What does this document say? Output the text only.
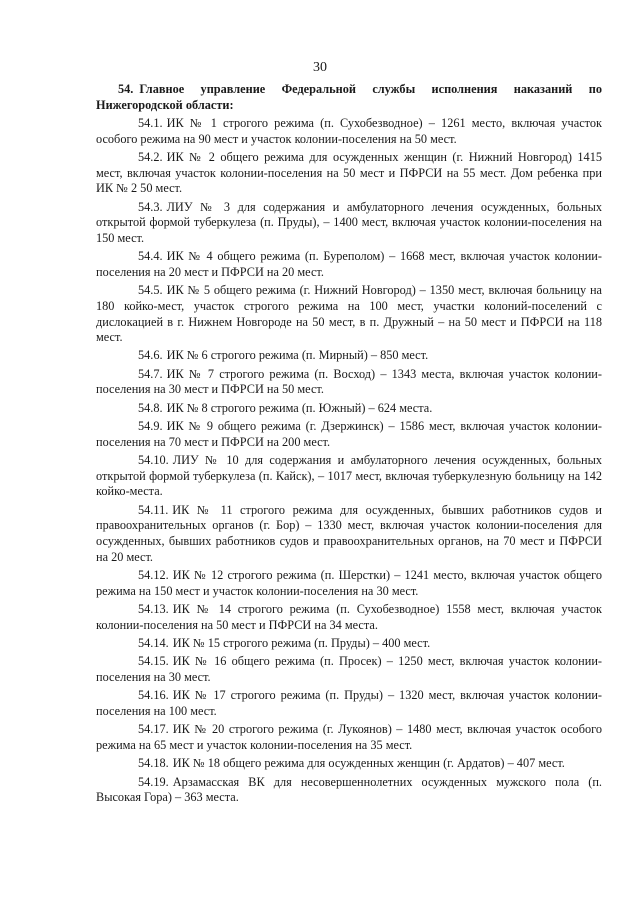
30

54. Главное управление Федеральной службы исполнения наказаний по Нижегородской области:

54.1. ИК № 1 строгого режима (п. Сухобезводное) – 1261 место, включая участок особого режима на 90 мест и участок колонии-поселения на 50 мест.

54.2. ИК № 2 общего режима для осужденных женщин (г. Нижний Новгород) 1415 мест, включая участок колонии-поселения на 50 мест и ПФРСИ на 55 мест. Дом ребенка при ИК № 2 50 мест.

54.3. ЛИУ № 3 для содержания и амбулаторного лечения осужденных, больных открытой формой туберкулеза (п. Пруды), – 1400 мест, включая участок колонии-поселения на 150 мест.

54.4. ИК № 4 общего режима (п. Буреполом) – 1668 мест, включая участок колонии-поселения на 20 мест и ПФРСИ на 20 мест.

54.5. ИК № 5 общего режима (г. Нижний Новгород) – 1350 мест, включая больницу на 180 койко-мест, участок строгого режима на 100 мест, участки колоний-поселений с дислокацией в г. Нижнем Новгороде на 50 мест, в п. Дружный – на 50 мест и ПФРСИ на 118 мест.

54.6. ИК № 6 строгого режима (п. Мирный) – 850 мест.

54.7. ИК № 7 строгого режима (п. Восход) – 1343 места, включая участок колонии-поселения на 30 мест и ПФРСИ на 50 мест.

54.8. ИК № 8 строгого режима (п. Южный) – 624 места.

54.9. ИК № 9 общего режима (г. Дзержинск) – 1586 мест, включая участок колонии-поселения на 70 мест и ПФРСИ на 200 мест.

54.10. ЛИУ № 10 для содержания и амбулаторного лечения осужденных, больных открытой формой туберкулеза (п. Кайск), – 1017 мест, включая туберкулезную больницу на 142 койко-места.

54.11. ИК № 11 строгого режима для осужденных, бывших работников судов и правоохранительных органов (г. Бор) – 1330 мест, включая участок колонии-поселения для осужденных, бывших работников судов и правоохранительных органов, на 70 мест и ПФРСИ на 20 мест.

54.12. ИК № 12 строгого режима (п. Шерстки) – 1241 место, включая участок общего режима на 150 мест и участок колонии-поселения на 30 мест.

54.13. ИК № 14 строгого режима (п. Сухобезводное) 1558 мест, включая участок колонии-поселения на 50 мест и ПФРСИ на 34 места.

54.14. ИК № 15 строгого режима (п. Пруды) – 400 мест.

54.15. ИК № 16 общего режима (п. Просек) – 1250 мест, включая участок колонии-поселения на 30 мест.

54.16. ИК № 17 строгого режима (п. Пруды) – 1320 мест, включая участок колонии-поселения на 100 мест.

54.17. ИК № 20 строгого режима (г. Лукоянов) – 1480 мест, включая участок особого режима на 65 мест и участок колонии-поселения на 35 мест.

54.18. ИК № 18 общего режима для осужденных женщин (г. Ардатов) – 407 мест.

54.19. Арзамасская ВК для несовершеннолетних осужденных мужского пола (п. Высокая Гора) – 363 места.
